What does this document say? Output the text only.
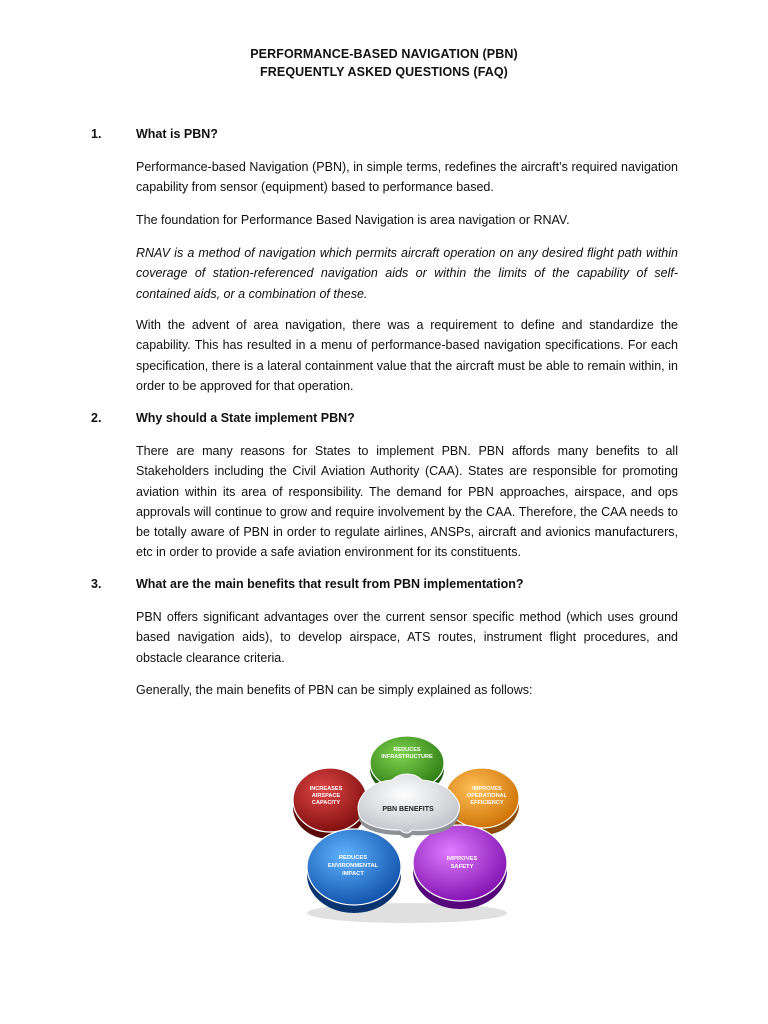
PERFORMANCE-BASED NAVIGATION (PBN)
FREQUENTLY ASKED QUESTIONS (FAQ)
1.	What is PBN?
Performance-based Navigation (PBN), in simple terms, redefines the aircraft’s required navigation capability from sensor (equipment) based to performance based.
The foundation for Performance Based Navigation is area navigation or RNAV.
RNAV is a method of navigation which permits aircraft operation on any desired flight path within coverage of station-referenced navigation aids or within the limits of the capability of self-contained aids, or a combination of these.
With the advent of area navigation, there was a requirement to define and standardize the capability. This has resulted in a menu of performance-based navigation specifications. For each specification, there is a lateral containment value that the aircraft must be able to remain within, in order to be approved for that operation.
2.	Why should a State implement PBN?
There are many reasons for States to implement PBN. PBN affords many benefits to all Stakeholders including the Civil Aviation Authority (CAA). States are responsible for promoting aviation within its area of responsibility. The demand for PBN approaches, airspace, and ops approvals will continue to grow and require involvement by the CAA. Therefore, the CAA needs to be totally aware of PBN in order to regulate airlines, ANSPs, aircraft and avionics manufacturers, etc in order to provide a safe aviation environment for its constituents.
3.	What are the main benefits that result from PBN implementation?
PBN offers significant advantages over the current sensor specific method (which uses ground based navigation aids), to develop airspace, ATS routes, instrument flight procedures, and obstacle clearance criteria.
Generally, the main benefits of PBN can be simply explained as follows:
REDUCES
INFRASTRUCTURE
IMPROVES
OPERATIONAL
EFFICIENCY
INCREASES
AIRSPACE
CAPACITY
IMPROVES
SAFETY
REDUCES
ENVIRONMENTAL
IMPACT
PBN BENEFITS
